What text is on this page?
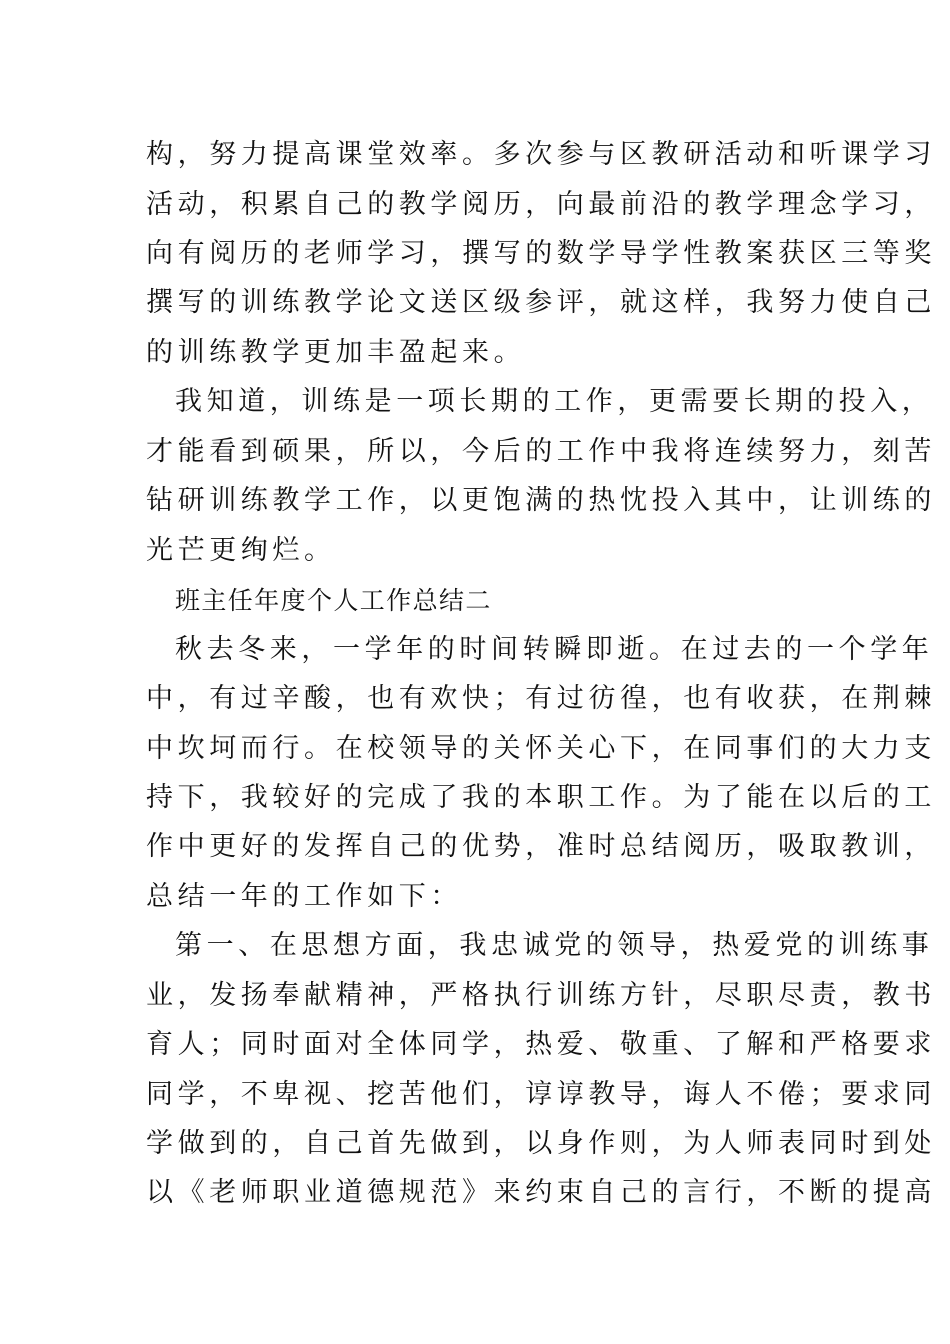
构，努力提高课堂效率。多次参与区教研活动和听课学习

活动，积累自己的教学阅历，向最前沿的教学理念学习，

向有阅历的老师学习，撰写的数学导学性教案获区三等奖

撰写的训练教学论文送区级参评，就这样，我努力使自己

的训练教学更加丰盈起来。

我知道，训练是一项长期的工作，更需要长期的投入，

才能看到硕果，所以，今后的工作中我将连续努力，刻苦

钻研训练教学工作，以更饱满的热忱投入其中，让训练的

光芒更绚烂。

班主任年度个人工作总结二

秋去冬来，一学年的时间转瞬即逝。在过去的一个学年

中，有过辛酸，也有欢快；有过彷徨，也有收获，在荆棘

中坎坷而行。在校领导的关怀关心下，在同事们的大力支

持下，我较好的完成了我的本职工作。为了能在以后的工

作中更好的发挥自己的优势，准时总结阅历，吸取教训，

总结一年的工作如下：

第一、在思想方面，我忠诚党的领导，热爱党的训练事

业，发扬奉献精神，严格执行训练方针，尽职尽责，教书

育人；同时面对全体同学，热爱、敬重、了解和严格要求

同学，不卑视、挖苦他们，谆谆教导，诲人不倦；要求同

学做到的，自己首先做到，以身作则，为人师表同时到处

以《老师职业道德规范》来约束自己的言行，不断的提高
